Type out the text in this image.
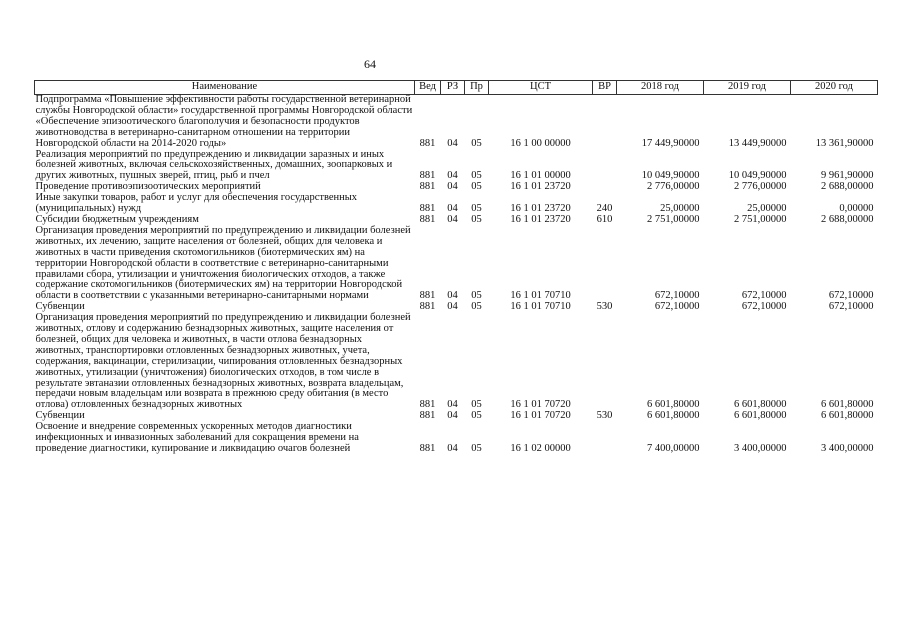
64
Наименование	Вед	РЗ	Пр	ЦСТ	ВР	2018 год	2019 год	2020 год
Подпрограмма «Повышение эффективности работы государственной ветеринарной службы Новгородской области» государственной программы Новгородской области «Обеспечение эпизоотического благополучия и безопасности продуктов животноводства в ветеринарно-санитарном отношении на территории Новгородской области на 2014-2020 годы»	881	04	05	16 1 00 00000		17 449,90000	13 449,90000	13 361,90000
Реализация мероприятий по предупреждению и ликвидации заразных и иных болезней животных, включая сельскохозяйственных, домашних, зоопарковых и других животных, пушных зверей, птиц, рыб и пчел	881	04	05	16 1 01 00000		10 049,90000	10 049,90000	9 961,90000
Проведение противоэпизоотических мероприятий	881	04	05	16 1 01 23720		2 776,00000	2 776,00000	2 688,00000
Иные закупки товаров, работ и услуг для обеспечения государственных (муниципальных) нужд	881	04	05	16 1 01 23720	240	25,00000	25,00000	0,00000
Субсидии бюджетным учреждениям	881	04	05	16 1 01 23720	610	2 751,00000	2 751,00000	2 688,00000
Организация проведения мероприятий по предупреждению и ликвидации болезней животных, их лечению, защите населения от болезней, общих для человека и животных в части приведения скотомогильников (биотермических ям) на территории Новгородской области в соответствие с ветеринарно-санитарными правилами сбора, утилизации и уничтожения биологических отходов, а также содержание скотомогильников (биотермических ям) на территории Новгородской области в соответствии с указанными ветеринарно-санитарными нормами	881	04	05	16 1 01 70710		672,10000	672,10000	672,10000
Субвенции	881	04	05	16 1 01 70710	530	672,10000	672,10000	672,10000
Организация проведения мероприятий по предупреждению и ликвидации болезней животных, отлову и содержанию безнадзорных животных, защите населения от болезней, общих для человека и животных, в части отлова безнадзорных животных, транспортировки отловленных безнадзорных животных, учета, содержания, вакцинации, стерилизации, чипирования отловленных безнадзорных животных, утилизации (уничтожения) биологических отходов, в том числе в результате эвтаназии отловленных безнадзорных животных, возврата владельцам, передачи новым владельцам или возврата в прежнюю среду обитания (в место отлова) отловленных безнадзорных животных	881	04	05	16 1 01 70720		6 601,80000	6 601,80000	6 601,80000
Субвенции	881	04	05	16 1 01 70720	530	6 601,80000	6 601,80000	6 601,80000
Освоение и внедрение современных ускоренных методов диагностики инфекционных и инвазионных заболеваний для сокращения времени на проведение диагностики, купирование и ликвидацию очагов болезней	881	04	05	16 1 02 00000		7 400,00000	3 400,00000	3 400,00000
